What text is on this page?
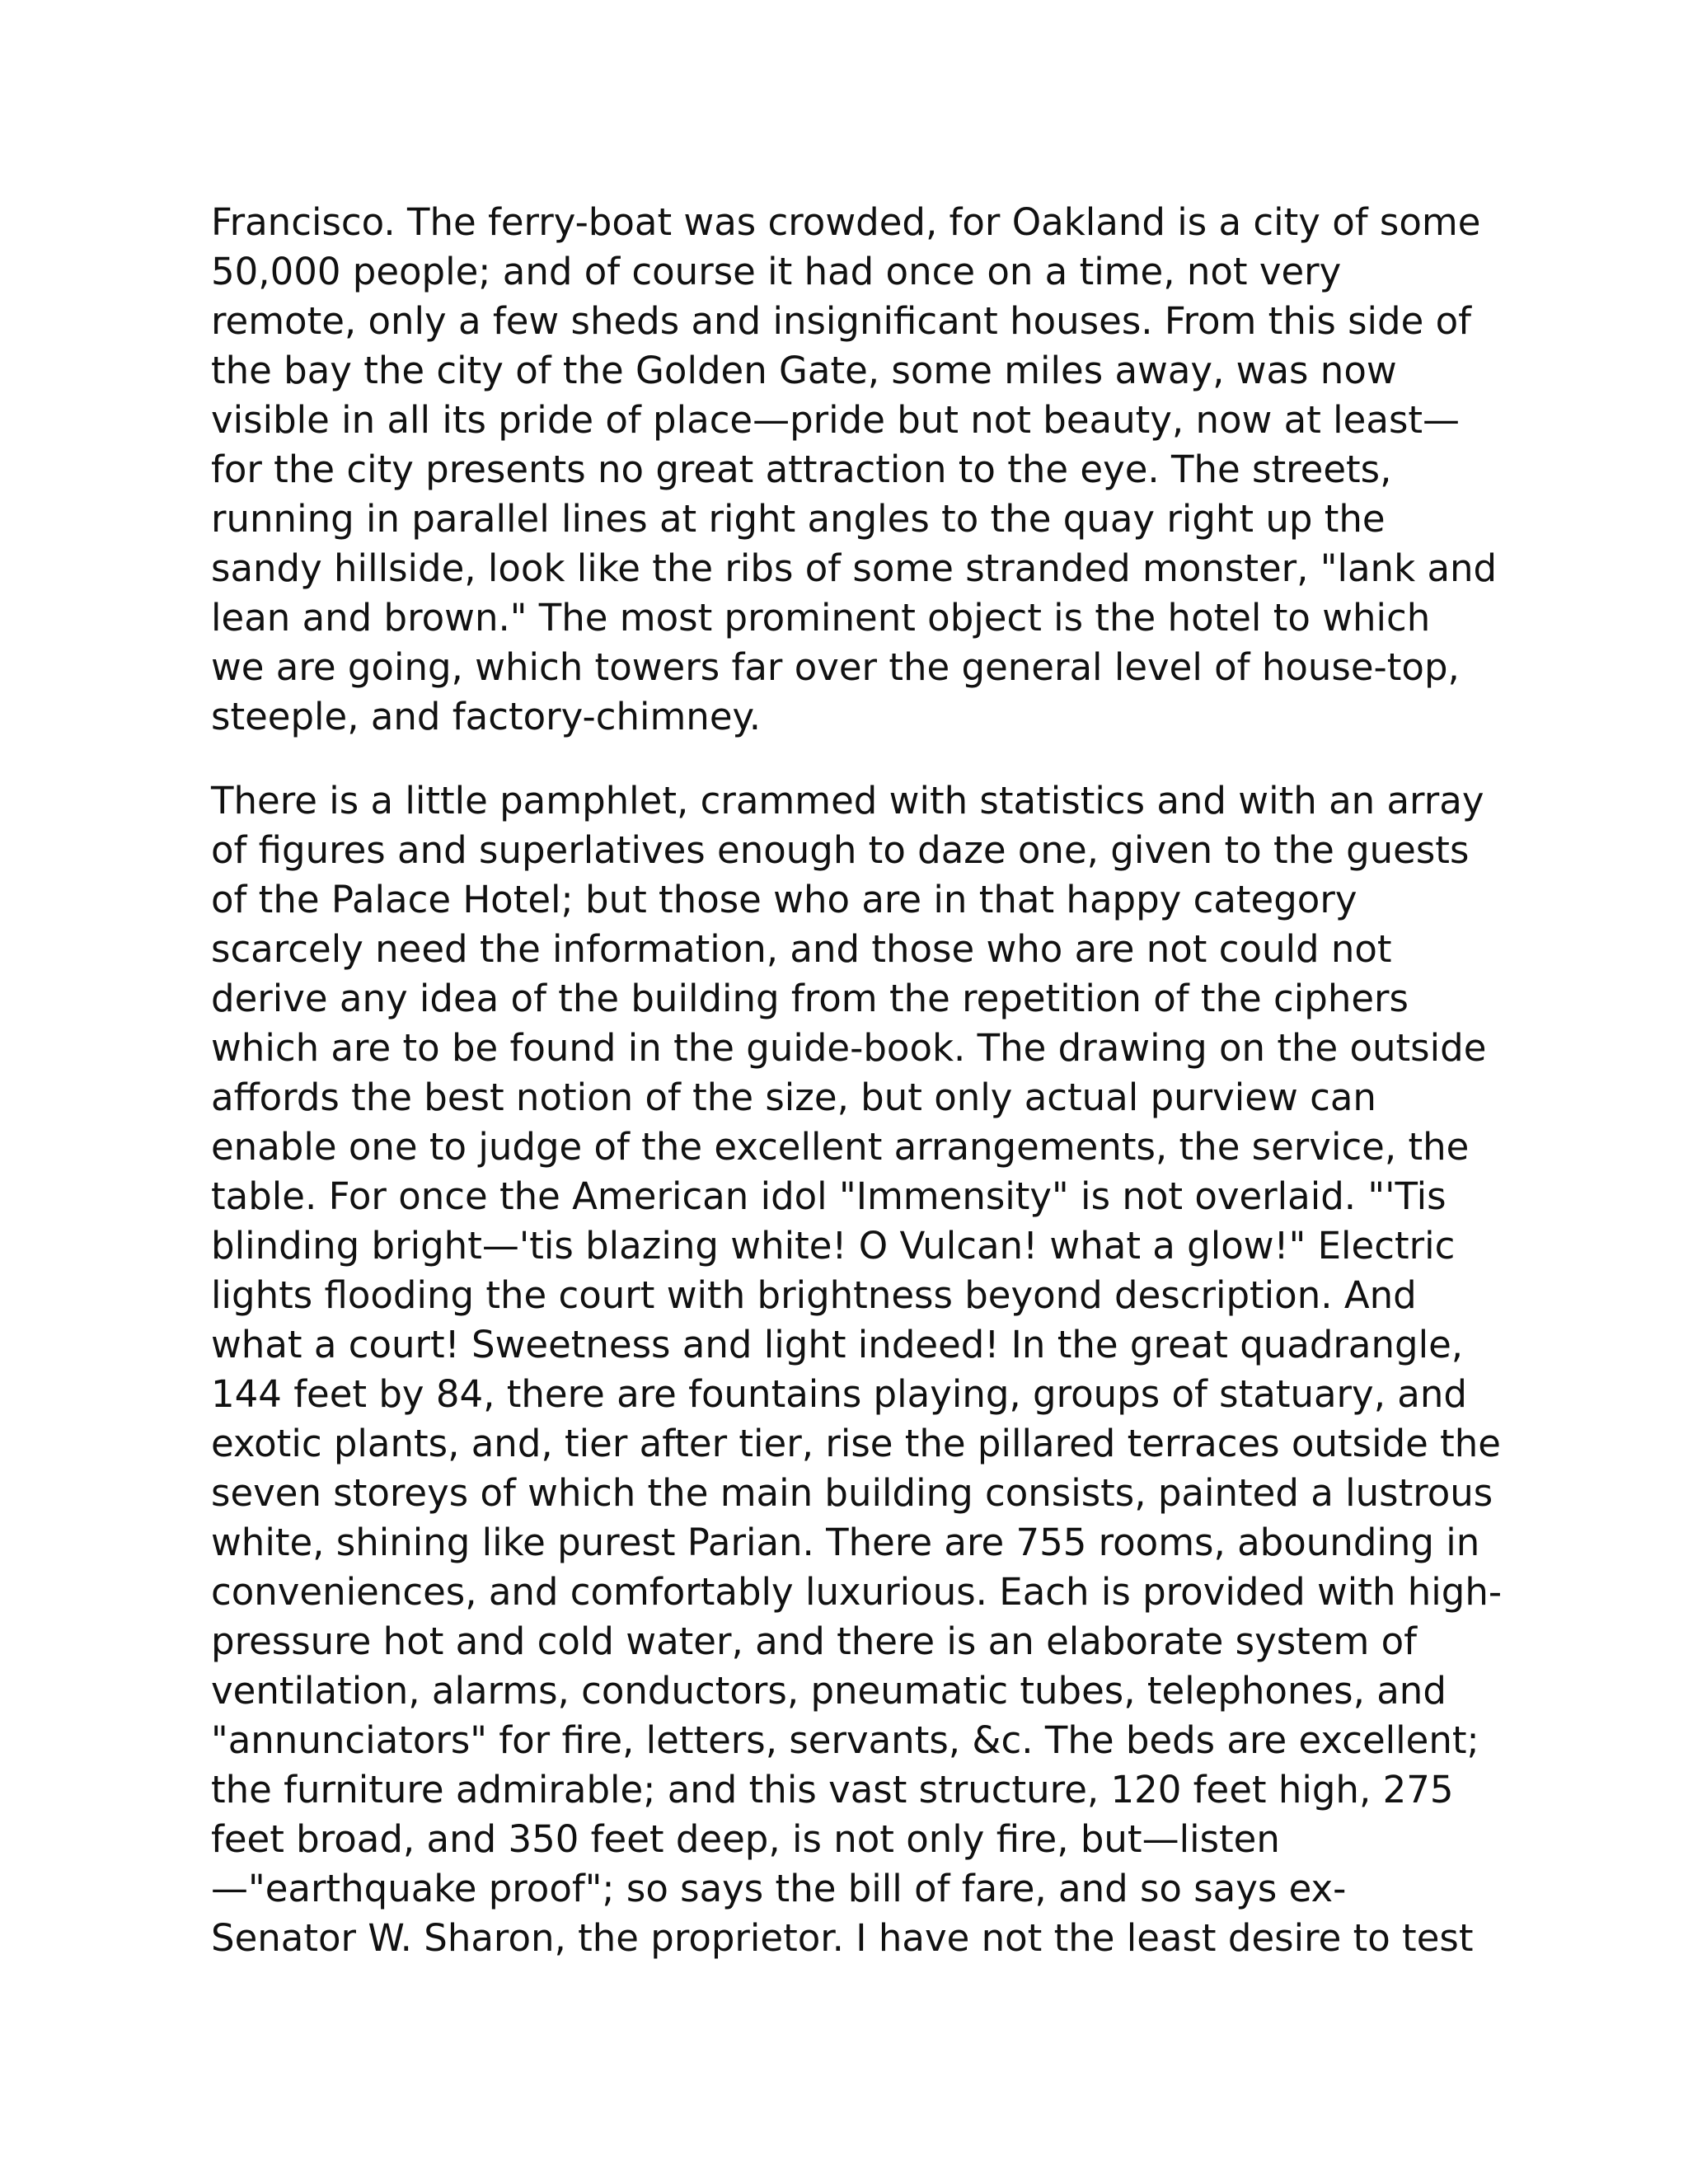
Francisco. The ferry-boat was crowded, for Oakland is a city of some
50,000 people; and of course it had once on a time, not very
remote, only a few sheds and insignificant houses. From this side of
the bay the city of the Golden Gate, some miles away, was now
visible in all its pride of place—pride but not beauty, now at least—
for the city presents no great attraction to the eye. The streets,
running in parallel lines at right angles to the quay right up the
sandy hillside, look like the ribs of some stranded monster, "lank and
lean and brown." The most prominent object is the hotel to which
we are going, which towers far over the general level of house-top,
steeple, and factory-chimney.

There is a little pamphlet, crammed with statistics and with an array
of figures and superlatives enough to daze one, given to the guests
of the Palace Hotel; but those who are in that happy category
scarcely need the information, and those who are not could not
derive any idea of the building from the repetition of the ciphers
which are to be found in the guide-book. The drawing on the outside
affords the best notion of the size, but only actual purview can
enable one to judge of the excellent arrangements, the service, the
table. For once the American idol "Immensity" is not overlaid. "'Tis
blinding bright—'tis blazing white! O Vulcan! what a glow!" Electric
lights flooding the court with brightness beyond description. And
what a court! Sweetness and light indeed! In the great quadrangle,
144 feet by 84, there are fountains playing, groups of statuary, and
exotic plants, and, tier after tier, rise the pillared terraces outside the
seven storeys of which the main building consists, painted a lustrous
white, shining like purest Parian. There are 755 rooms, abounding in
conveniences, and comfortably luxurious. Each is provided with high-
pressure hot and cold water, and there is an elaborate system of
ventilation, alarms, conductors, pneumatic tubes, telephones, and
"annunciators" for fire, letters, servants, &c. The beds are excellent;
the furniture admirable; and this vast structure, 120 feet high, 275
feet broad, and 350 feet deep, is not only fire, but—listen
—"earthquake proof"; so says the bill of fare, and so says ex-
Senator W. Sharon, the proprietor. I have not the least desire to test
